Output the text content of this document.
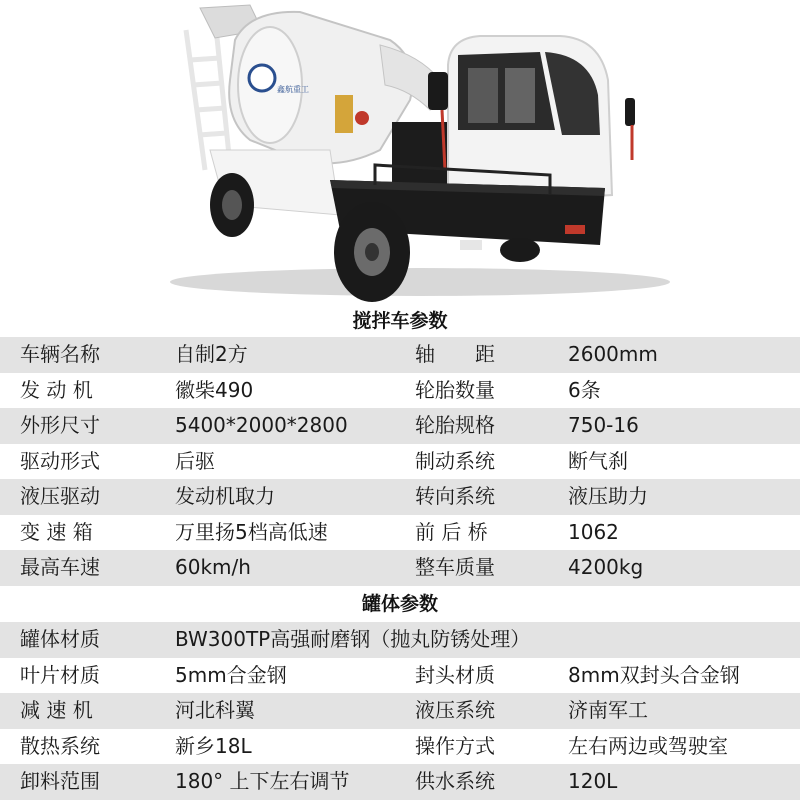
鑫航重工
搅拌车参数
车辆名称	自制2方	轴　　距	2600mm
发 动 机	徽柴490	轮胎数量	6条
外形尺寸	5400*2000*2800	轮胎规格	750-16
驱动形式	后驱	制动系统	断气刹
液压驱动	发动机取力	转向系统	液压助力
变 速 箱	万里扬5档高低速	前 后 桥	1062
最高车速	60km/h	整车质量	4200kg
罐体参数
罐体材质	BW300TP高强耐磨钢（抛丸防锈处理）
叶片材质	5mm合金钢	封头材质	8mm双封头合金钢
减 速 机	河北科翼	液压系统	济南军工
散热系统	新乡18L	操作方式	左右两边或驾驶室
卸料范围	180° 上下左右调节	供水系统	120L
